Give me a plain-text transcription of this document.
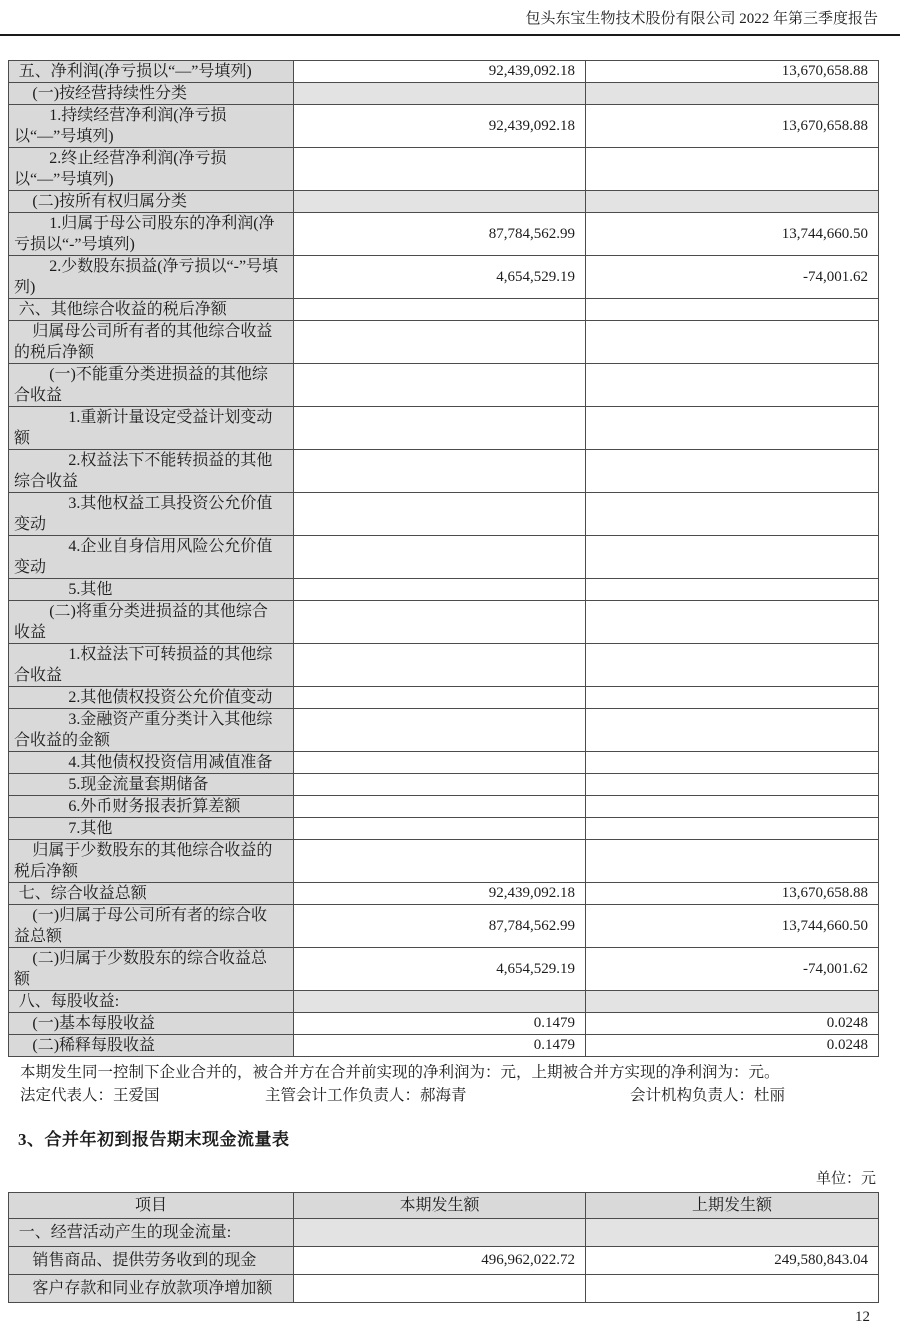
包头东宝生物技术股份有限公司 2022 年第三季度报告
五、净利润(净亏损以“—”号填列)	92,439,092.18	13,670,658.88
(一)按经营持续性分类		
1.持续经营净利润(净亏损以“—”号填列)	92,439,092.18	13,670,658.88
2.终止经营净利润(净亏损以“—”号填列)		
(二)按所有权归属分类		
1.归属于母公司股东的净利润(净亏损以“-”号填列)	87,784,562.99	13,744,660.50
2.少数股东损益(净亏损以“-”号填列)	4,654,529.19	-74,001.62
六、其他综合收益的税后净额		
归属母公司所有者的其他综合收益的税后净额		
(一)不能重分类进损益的其他综合收益		
1.重新计量设定受益计划变动额		
2.权益法下不能转损益的其他综合收益		
3.其他权益工具投资公允价值变动		
4.企业自身信用风险公允价值变动		
5.其他		
(二)将重分类进损益的其他综合收益		
1.权益法下可转损益的其他综合收益		
2.其他债权投资公允价值变动		
3.金融资产重分类计入其他综合收益的金额		
4.其他债权投资信用减值准备		
5.现金流量套期储备		
6.外币财务报表折算差额		
7.其他		
归属于少数股东的其他综合收益的税后净额		
七、综合收益总额	92,439,092.18	13,670,658.88
(一)归属于母公司所有者的综合收益总额	87,784,562.99	13,744,660.50
(二)归属于少数股东的综合收益总额	4,654,529.19	-74,001.62
八、每股收益:		
(一)基本每股收益	0.1479	0.0248
(二)稀释每股收益	0.1479	0.0248

本期发生同一控制下企业合并的，被合并方在合并前实现的净利润为：元，上期被合并方实现的净利润为：元。

法定代表人：王爱国	主管会计工作负责人：郝海青	会计机构负责人：杜丽
3、合并年初到报告期末现金流量表
单位：元
项目	本期发生额	上期发生额
一、经营活动产生的现金流量:		
销售商品、提供劳务收到的现金	496,962,022.72	249,580,843.04
客户存款和同业存放款项净增加额		
12
